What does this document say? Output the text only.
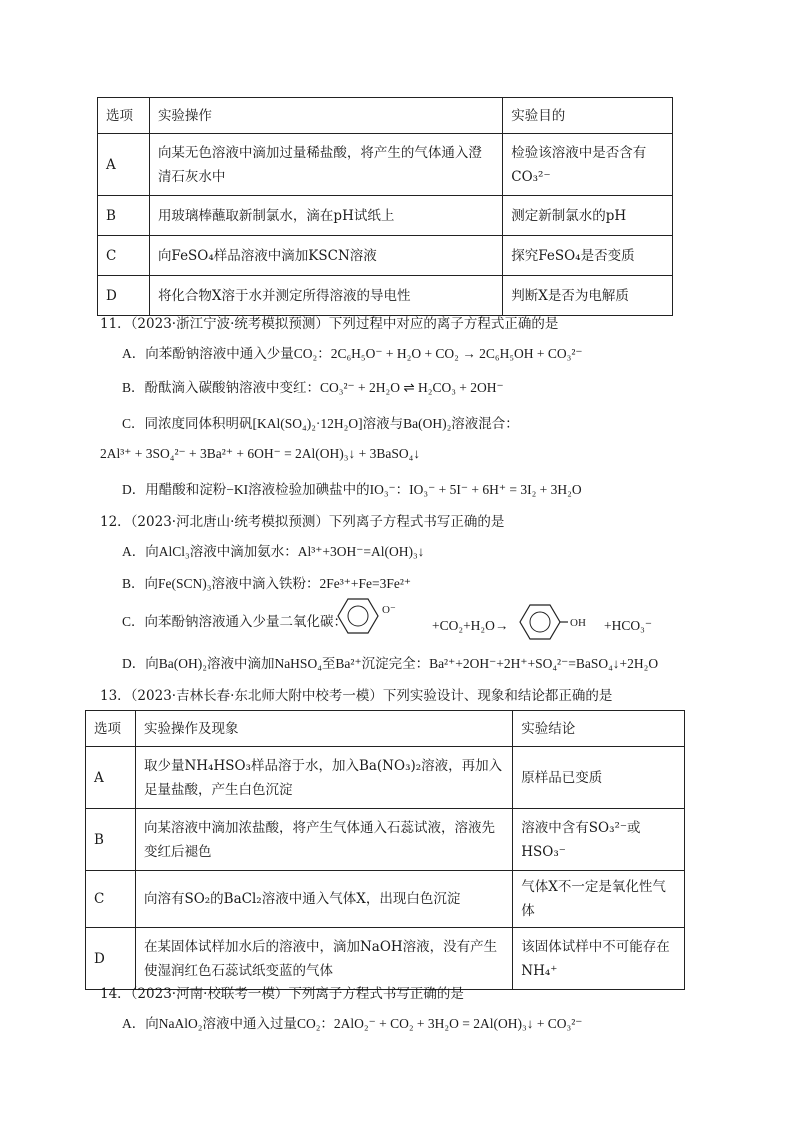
选项	实验操作	实验目的
A	向某无色溶液中滴加过量稀盐酸，将产生的气体通入澄清石灰水中	检验该溶液中是否含有CO₃²⁻
B	用玻璃棒蘸取新制氯水，滴在pH试纸上	测定新制氯水的pH
C	向FeSO₄样品溶液中滴加KSCN溶液	探究FeSO₄是否变质
D	将化合物X溶于水并测定所得溶液的导电性	判断X是否为电解质
11．（2023·浙江宁波·统考模拟预测）下列过程中对应的离子方程式正确的是
A．向苯酚钠溶液中通入少量CO₂：2C₆H₅O⁻ + H₂O + CO₂ → 2C₆H₅OH + CO₃²⁻
B．酚酞滴入碳酸钠溶液中变红：CO₃²⁻ + 2H₂O ⇌ H₂CO₃ + 2OH⁻
C．同浓度同体积明矾[KAl(SO₄)₂·12H₂O]溶液与Ba(OH)₂溶液混合：
2Al³⁺ + 3SO₄²⁻ + 3Ba²⁺ + 6OH⁻ = 2Al(OH)₃↓ + 3BaSO₄↓
D．用醋酸和淀粉−KI溶液检验加碘盐中的IO₃⁻：IO₃⁻ + 5I⁻ + 6H⁺ = 3I₂ + 3H₂O
12．（2023·河北唐山·统考模拟预测）下列离子方程式书写正确的是
A．向AlCl₃溶液中滴加氨水：Al³⁺+3OH⁻=Al(OH)₃↓
B．向Fe(SCN)₃溶液中滴入铁粉：2Fe³⁺+Fe=3Fe²⁺
C．向苯酚钠溶液通入少量二氧化碳：
O⁻
+CO₂+H₂O→	OH +HCO₃⁻
D．向Ba(OH)₂溶液中滴加NaHSO₄至Ba²⁺沉淀完全：Ba²⁺+2OH⁻+2H⁺+SO₄²⁻=BaSO₄↓+2H₂O
13．（2023·吉林长春·东北师大附中校考一模）下列实验设计、现象和结论都正确的是
选项	实验操作及现象	实验结论
A	取少量NH₄HSO₃样品溶于水，加入Ba(NO₃)₂溶液，再加入足量盐酸，产生白色沉淀	原样品已变质
B	向某溶液中滴加浓盐酸，将产生气体通入石蕊试液，溶液先变红后褪色	溶液中含有SO₃²⁻或HSO₃⁻
C	向溶有SO₂的BaCl₂溶液中通入气体X，出现白色沉淀	气体X不一定是氧化性气体
D	在某固体试样加水后的溶液中，滴加NaOH溶液，没有产生使湿润红色石蕊试纸变蓝的气体	该固体试样中不可能存在NH₄⁺
14．（2023·河南·校联考一模）下列离子方程式书写正确的是
A．向NaAlO₂溶液中通入过量CO₂：2AlO₂⁻ + CO₂ + 3H₂O = 2Al(OH)₃↓ + CO₃²⁻
